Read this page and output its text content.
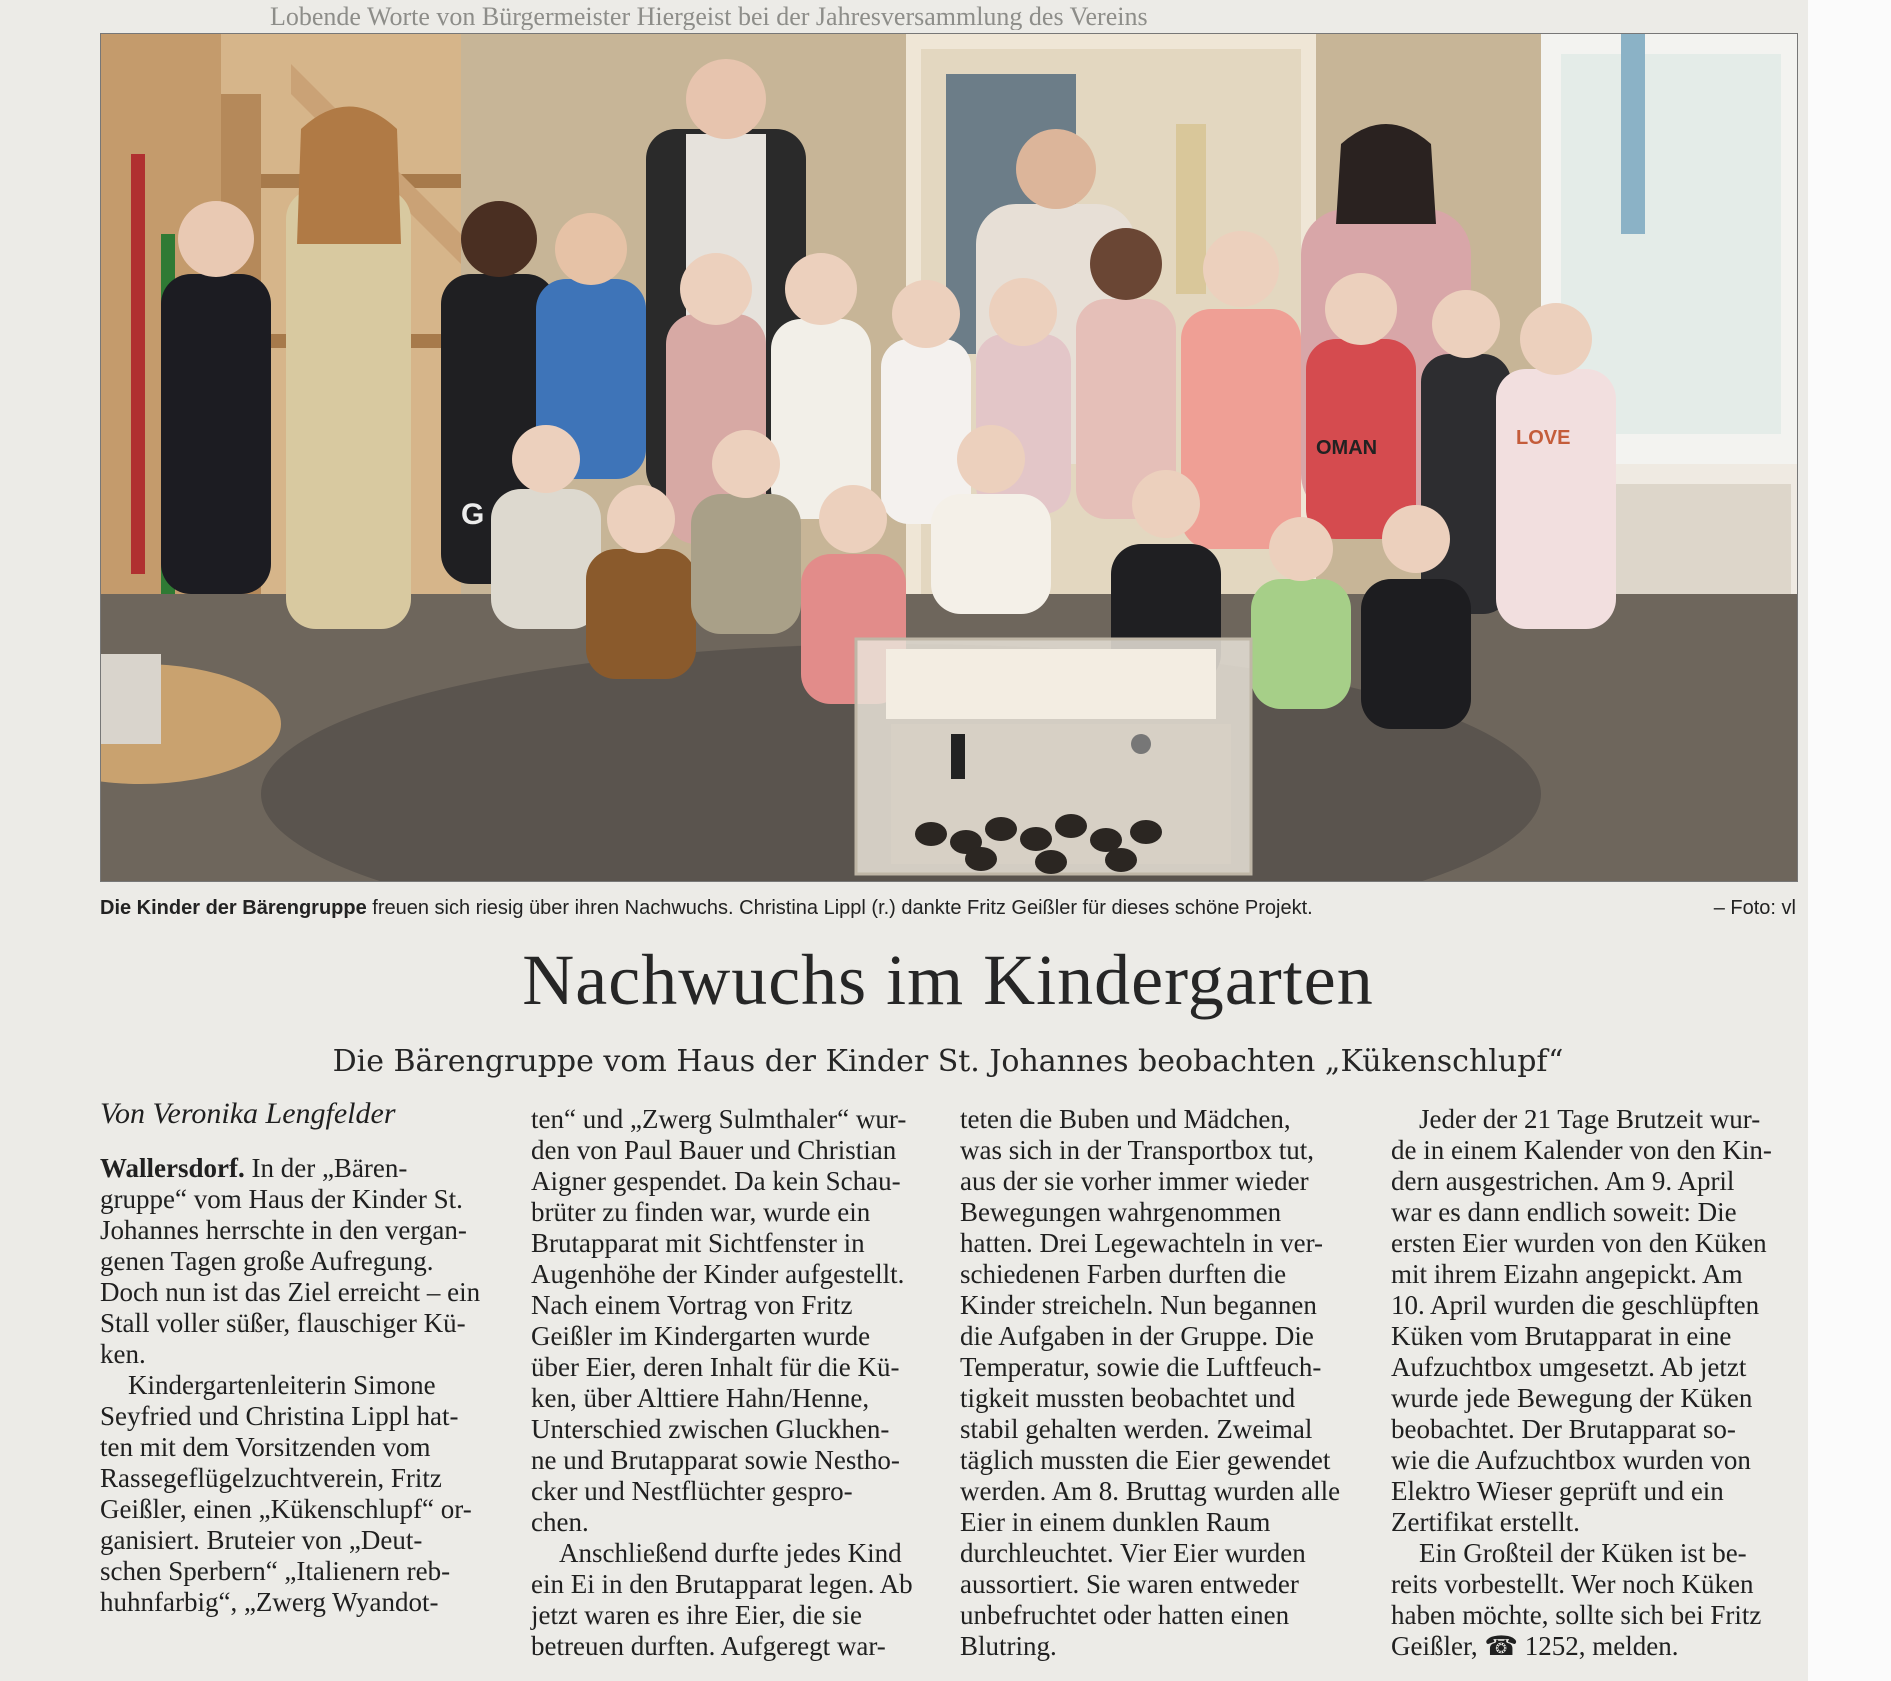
Lobende Worte von Bürgermeister Hiergeist bei der Jahresversammlung des Vereins
OMAN	LOVE
G
Die Kinder der Bärengruppe freuen sich riesig über ihren Nachwuchs. Christina Lippl (r.) dankte Fritz Geißler für dieses schöne Projekt.	– Foto: vl
Nachwuchs im Kindergarten
Die Bärengruppe vom Haus der Kinder St. Johannes beobachten „Kükenschlupf“
Von Veronika Lengfelder

Wallersdorf. In der „Bären-

gruppe“ vom Haus der Kinder St.

Johannes herrschte in den vergan-

genen Tagen große Aufregung.

Doch nun ist das Ziel erreicht – ein

Stall voller süßer, flauschiger Kü-

ken.

Kindergartenleiterin Simone

Seyfried und Christina Lippl hat-

ten mit dem Vorsitzenden vom

Rassegeflügelzuchtverein, Fritz

Geißler, einen „Kükenschlupf“ or-

ganisiert. Bruteier von „Deut-

schen Sperbern“ „Italienern reb-

huhnfarbig“, „Zwerg Wyandot-

ten“ und „Zwerg Sulmthaler“ wur-

den von Paul Bauer und Christian

Aigner gespendet. Da kein Schau-

brüter zu finden war, wurde ein

Brutapparat mit Sichtfenster in

Augenhöhe der Kinder aufgestellt.

Nach einem Vortrag von Fritz

Geißler im Kindergarten wurde

über Eier, deren Inhalt für die Kü-

ken, über Alttiere Hahn/Henne,

Unterschied zwischen Gluckhen-

ne und Brutapparat sowie Nestho-

cker und Nestflüchter gespro-

chen.

Anschließend durfte jedes Kind

ein Ei in den Brutapparat legen. Ab

jetzt waren es ihre Eier, die sie

betreuen durften. Aufgeregt war-

teten die Buben und Mädchen,

was sich in der Transportbox tut,

aus der sie vorher immer wieder

Bewegungen wahrgenommen

hatten. Drei Legewachteln in ver-

schiedenen Farben durften die

Kinder streicheln. Nun begannen

die Aufgaben in der Gruppe. Die

Temperatur, sowie die Luftfeuch-

tigkeit mussten beobachtet und

stabil gehalten werden. Zweimal

täglich mussten die Eier gewendet

werden. Am 8. Bruttag wurden alle

Eier in einem dunklen Raum

durchleuchtet. Vier Eier wurden

aussortiert. Sie waren entweder

unbefruchtet oder hatten einen

Blutring.

Jeder der 21 Tage Brutzeit wur-

de in einem Kalender von den Kin-

dern ausgestrichen. Am 9. April

war es dann endlich soweit: Die

ersten Eier wurden von den Küken

mit ihrem Eizahn angepickt. Am

10. April wurden die geschlüpften

Küken vom Brutapparat in eine

Aufzuchtbox umgesetzt. Ab jetzt

wurde jede Bewegung der Küken

beobachtet. Der Brutapparat so-

wie die Aufzuchtbox wurden von

Elektro Wieser geprüft und ein

Zertifikat erstellt.

Ein Großteil der Küken ist be-

reits vorbestellt. Wer noch Küken

haben möchte, sollte sich bei Fritz

Geißler, ☎ 1252, melden.
